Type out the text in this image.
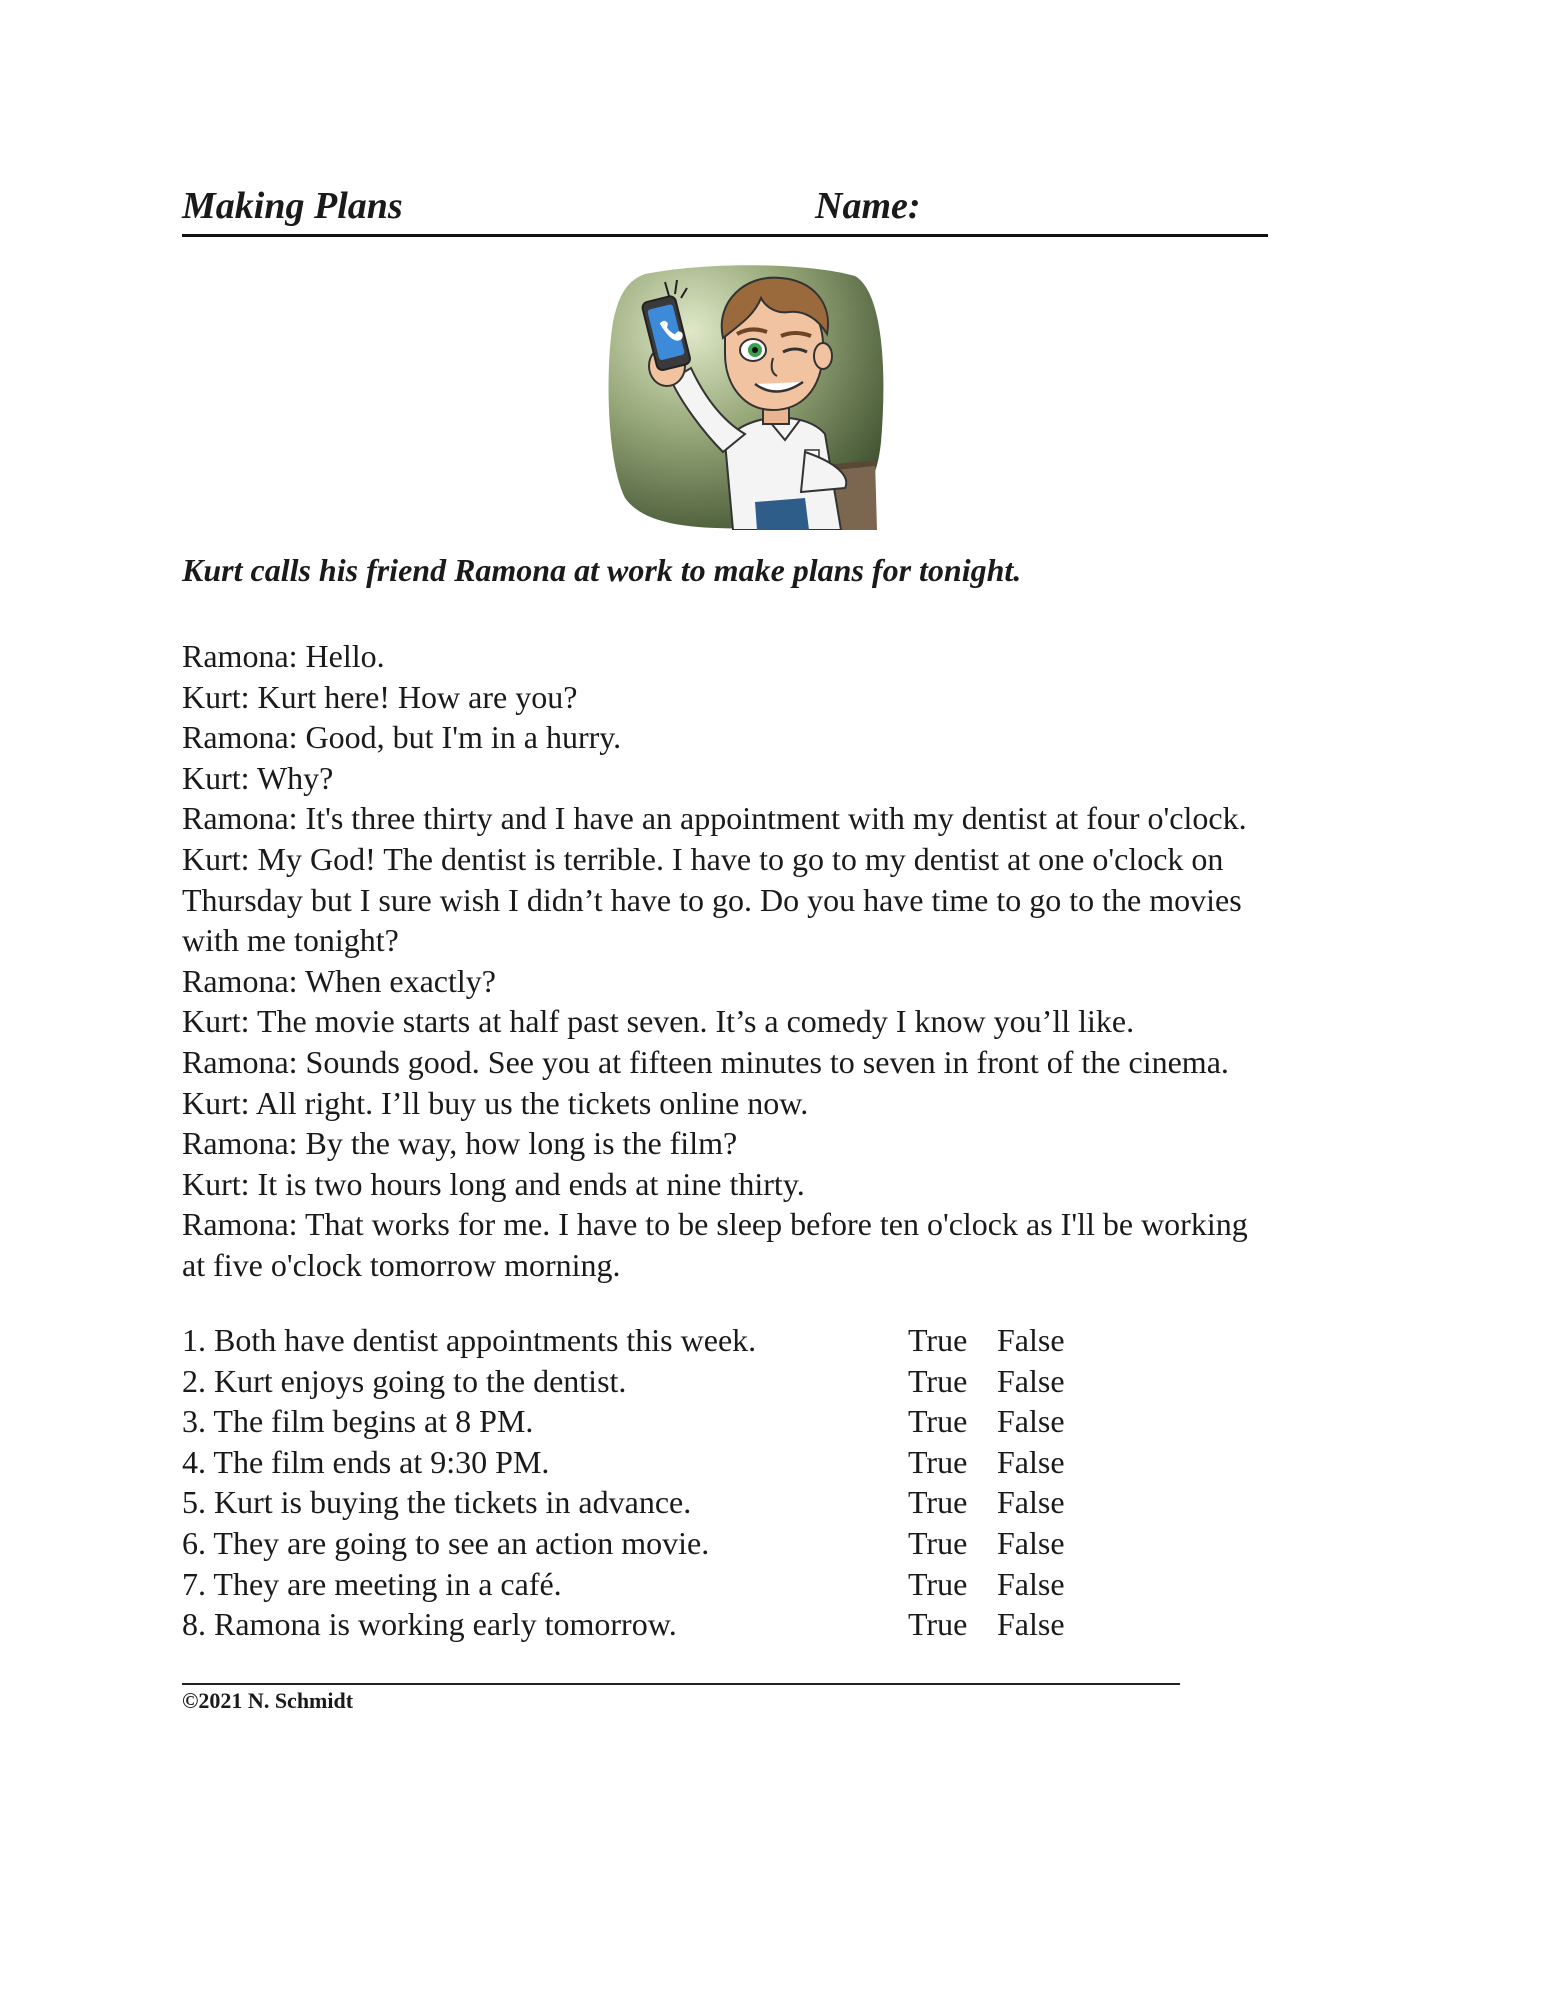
Making Plans	Name:
Kurt calls his friend Ramona at work to make plans for tonight.
Ramona: Hello.
Kurt: Kurt here! How are you?
Ramona: Good, but I'm in a hurry.
Kurt: Why?
Ramona: It's three thirty and I have an appointment with my dentist at four o'clock.
Kurt: My God! The dentist is terrible. I have to go to my dentist at one o'clock on
Thursday but I sure wish I didn’t have to go. Do you have time to go to the movies
with me tonight?
Ramona: When exactly?
Kurt: The movie starts at half past seven. It’s a comedy I know you’ll like.
Ramona: Sounds good. See you at fifteen minutes to seven in front of the cinema.
Kurt: All right. I’ll buy us the tickets online now.
Ramona: By the way, how long is the film?
Kurt: It is two hours long and ends at nine thirty.
Ramona: That works for me. I have to be sleep before ten o'clock as I'll be working
at five o'clock tomorrow morning.
1. Both have dentist appointments this week.	True False
2. Kurt enjoys going to the dentist.	True False
3. The film begins at 8 PM.	True False
4. The film ends at 9:30 PM.	True False
5. Kurt is buying the tickets in advance.	True False
6. They are going to see an action movie.	True False
7. They are meeting in a café.	True False
8. Ramona is working early tomorrow.	True False
©2021 N. Schmidt
